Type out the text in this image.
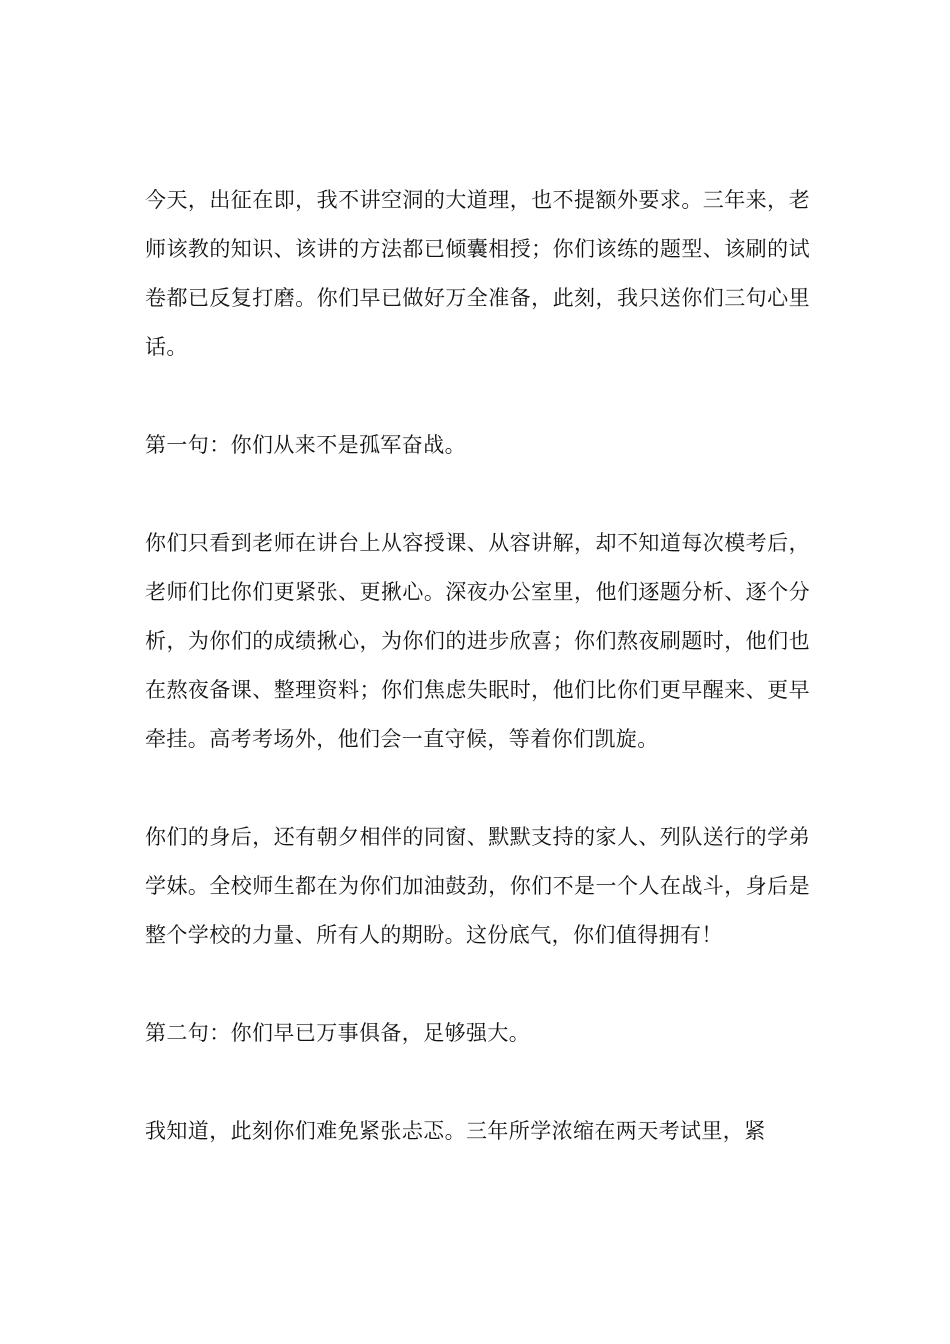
今天，出征在即，我不讲空洞的大道理，也不提额外要求。三年来，老师该教的知识、该讲的方法都已倾囊相授；你们该练的题型、该刷的试卷都已反复打磨。你们早已做好万全准备，此刻，我只送你们三句心里话。

第一句：你们从来不是孤军奋战。

你们只看到老师在讲台上从容授课、从容讲解，却不知道每次模考后，老师们比你们更紧张、更揪心。深夜办公室里，他们逐题分析、逐个分析，为你们的成绩揪心，为你们的进步欣喜；你们熬夜刷题时，他们也在熬夜备课、整理资料；你们焦虑失眠时，他们比你们更早醒来、更早牵挂。高考考场外，他们会一直守候，等着你们凯旋。

你们的身后，还有朝夕相伴的同窗、默默支持的家人、列队送行的学弟学妹。全校师生都在为你们加油鼓劲，你们不是一个人在战斗，身后是整个学校的力量、所有人的期盼。这份底气，你们值得拥有！

第二句：你们早已万事俱备，足够强大。

我知道，此刻你们难免紧张忐忑。三年所学浓缩在两天考试里，紧
